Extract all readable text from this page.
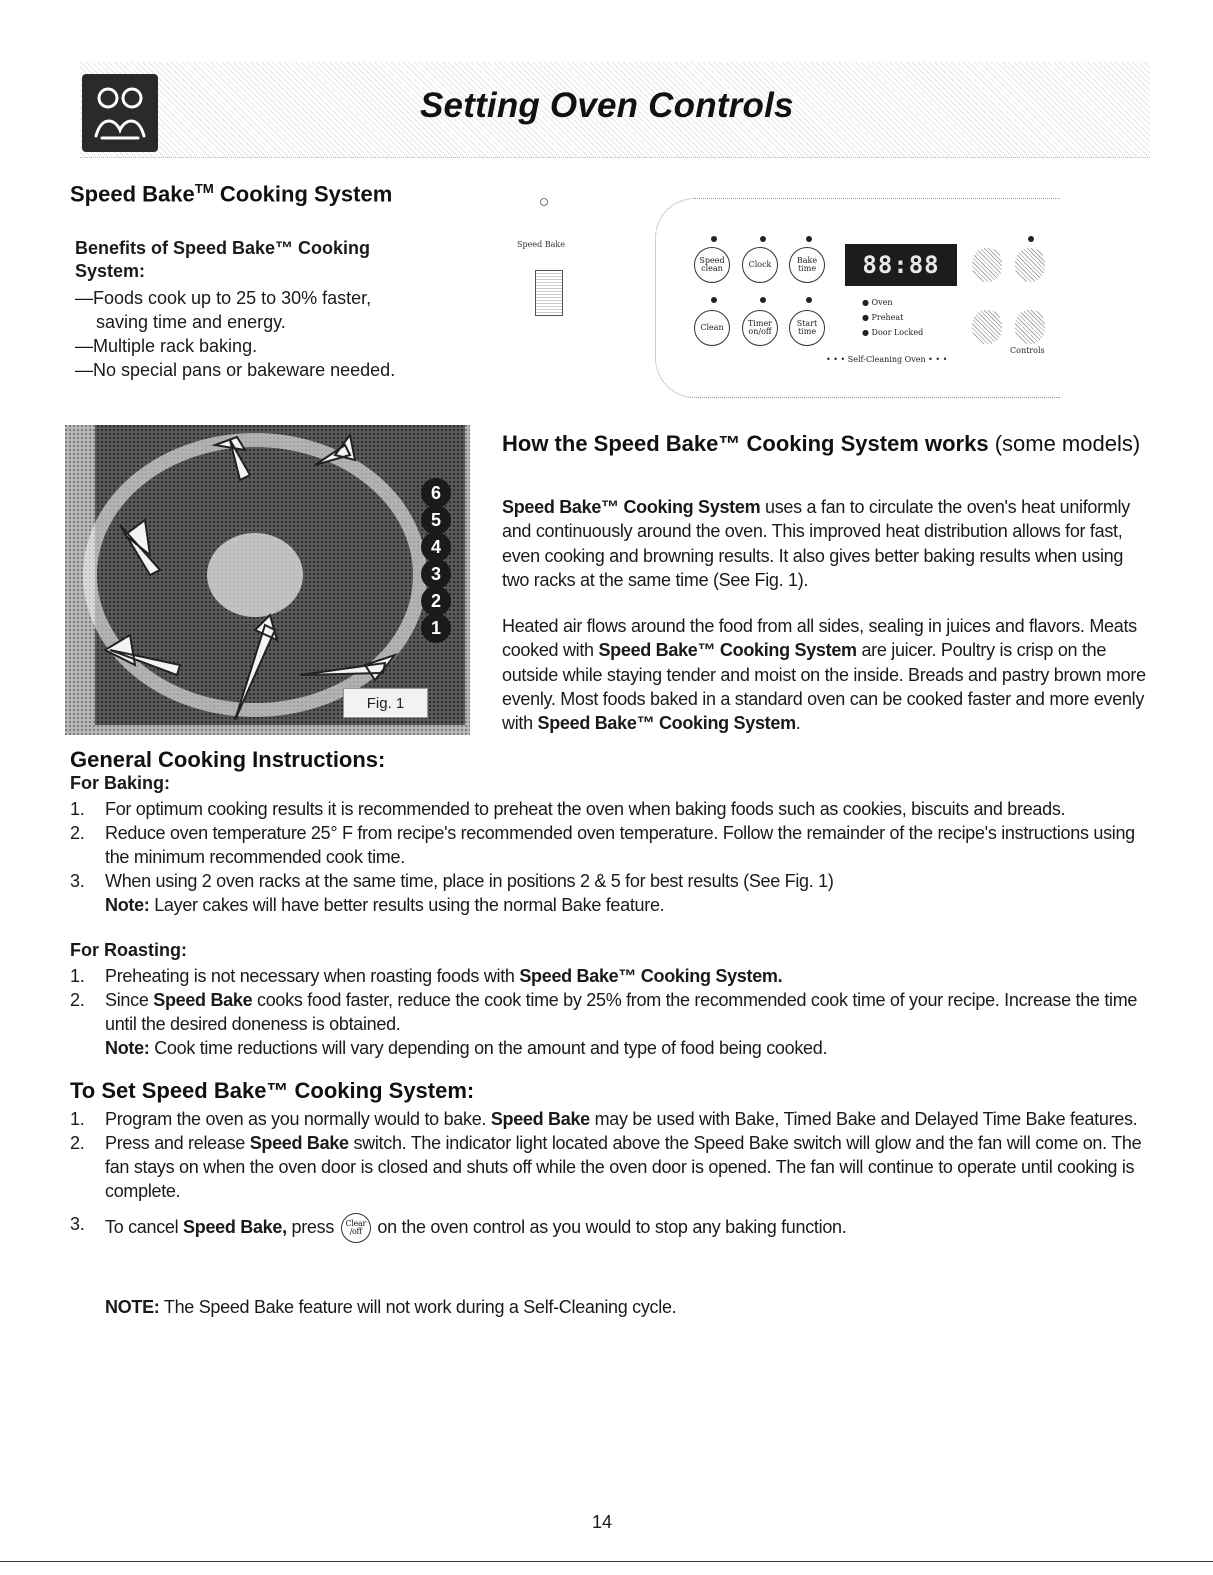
Setting Oven Controls
Speed Bake™ Cooking System
Benefits of Speed Bake™ Cooking System:
—Foods cook up to 25 to 30% faster,
saving time and energy.
—Multiple rack baking.
—No special pans or bakeware needed.
Speed Bake
Speed clean	Clock	Bake time
Clean	Timer on/off
Start time
88:88
● Oven
● Preheat
● Door Locked
• • • Self-Cleaning Oven • • •
Controls
6
5
4
3
2
1
Fig. 1
How the Speed Bake™ Cooking System works (some models)

Speed Bake™ Cooking System uses a fan to circulate the oven's heat uniformly and continuously around the oven. This improved heat distribution allows for fast, even cooking and browning results. It also gives better baking results when using two racks at the same time (See Fig. 1).

Heated air flows around the food from all sides, sealing in juices and flavors. Meats cooked with Speed Bake™ Cooking System are juicer. Poultry is crisp on the outside while staying tender and moist on the inside. Breads and pastry brown more evenly. Most foods baked in a standard oven can be cooked faster and more evenly with Speed Bake™ Cooking System.

General Cooking Instructions:
For Baking:
1. For optimum cooking results it is recommended to preheat the oven when baking foods such as cookies, biscuits and breads.
2. Reduce oven temperature 25° F from recipe's recommended oven temperature. Follow the remainder of the recipe's instructions using the minimum recommended cook time.
3. When using 2 oven racks at the same time, place in positions 2 & 5 for best results (See Fig. 1)
Note: Layer cakes will have better results using the normal Bake feature.
For Roasting:
1. Preheating is not necessary when roasting foods with Speed Bake™ Cooking System.
2. Since Speed Bake cooks food faster, reduce the cook time by 25% from the recommended cook time of your recipe. Increase the time until the desired doneness is obtained.
Note: Cook time reductions will vary depending on the amount and type of food being cooked.
To Set Speed Bake™ Cooking System:
1. Program the oven as you normally would to bake. Speed Bake may be used with Bake, Timed Bake and Delayed Time Bake features.
2. Press and release Speed Bake switch. The indicator light located above the Speed Bake switch will glow and the fan will come on. The fan stays on when the oven door is closed and shuts off while the oven door is opened. The fan will continue to operate until cooking is complete.
3. To cancel Speed Bake, press Clear /off on the oven control as you would to stop any baking function.
NOTE: The Speed Bake feature will not work during a Self-Cleaning cycle.
14
